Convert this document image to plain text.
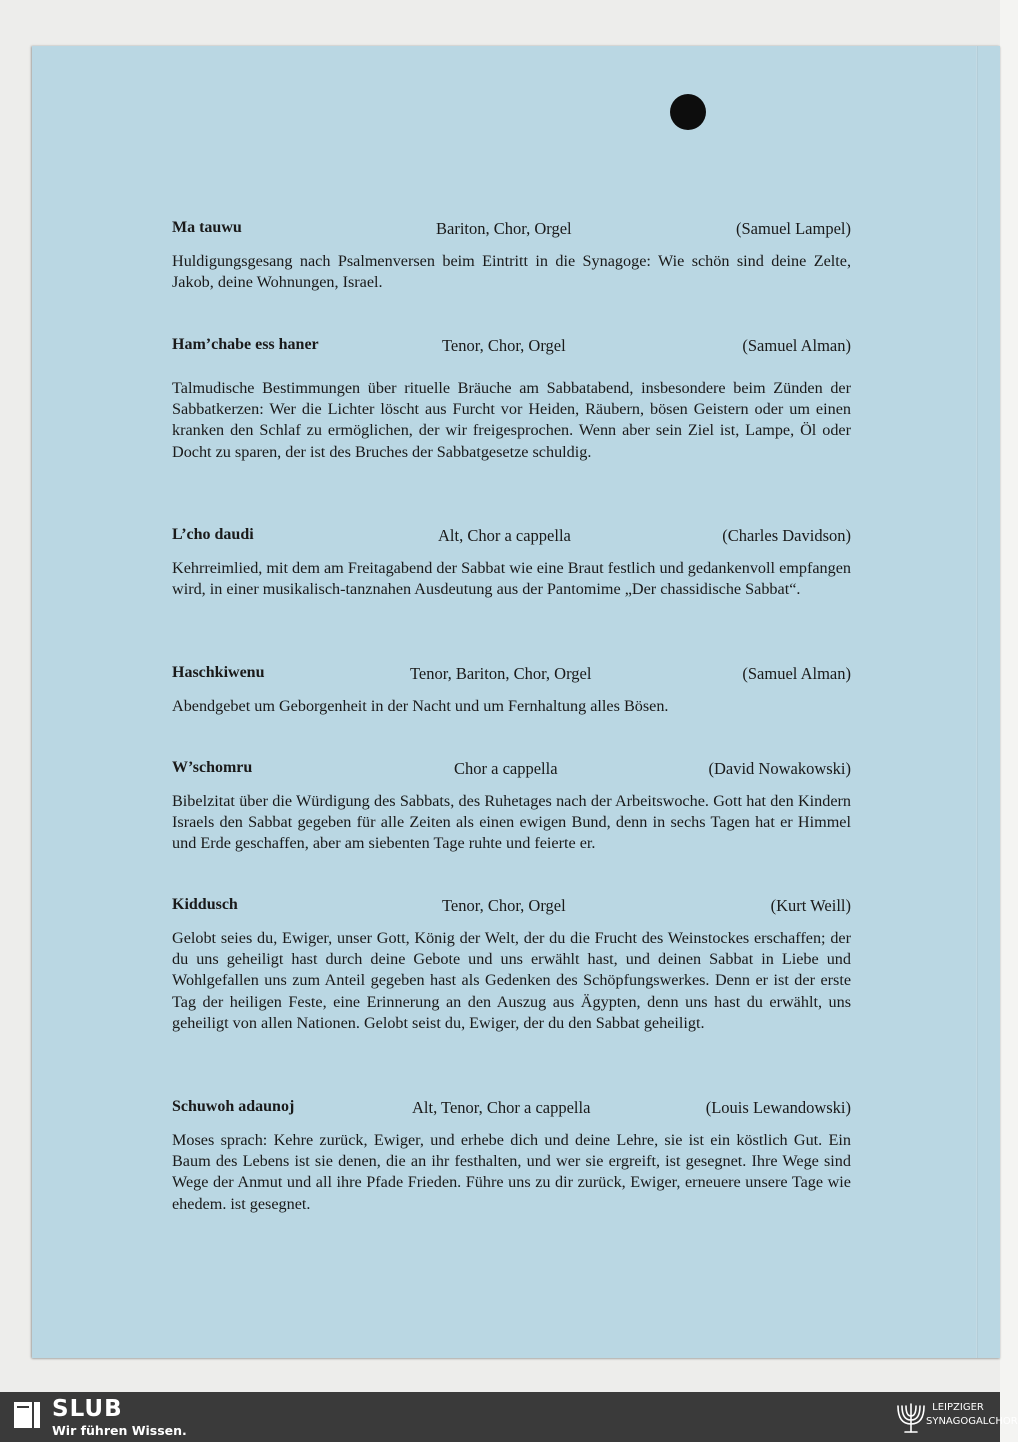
Ma tauwu	Bariton, Chor, Orgel	(Samuel Lampel)

Huldigungsgesang nach Psalmenversen beim Eintritt in die Synagoge: Wie schön sind deine Zelte, Jakob, deine Wohnungen, Israel.

Ham’chabe ess haner	Tenor, Chor, Orgel	(Samuel Alman)

Talmudische Bestimmungen über rituelle Bräuche am Sabbatabend, insbesondere beim Zünden der Sabbatkerzen: Wer die Lichter löscht aus Furcht vor Heiden, Räubern, bösen Geistern oder um einen kranken den Schlaf zu ermöglichen, der wir freigesprochen. Wenn aber sein Ziel ist, Lampe, Öl oder Docht zu sparen, der ist des Bruches der Sabbatgesetze schuldig.

L’cho daudi	Alt, Chor a cappella	(Charles Davidson)

Kehrreimlied, mit dem am Freitagabend der Sabbat wie eine Braut festlich und gedankenvoll empfangen wird, in einer musikalisch-tanznahen Ausdeutung aus der Pantomime „Der chassidische Sabbat“.

Haschkiwenu	Tenor, Bariton, Chor, Orgel	(Samuel Alman)

Abendgebet um Geborgenheit in der Nacht und um Fernhaltung alles Bösen.

W’schomru	Chor a cappella	(David Nowakowski)

Bibelzitat über die Würdigung des Sabbats, des Ruhetages nach der Arbeitswoche. Gott hat den Kindern Israels den Sabbat gegeben für alle Zeiten als einen ewigen Bund, denn in sechs Tagen hat er Himmel und Erde geschaffen, aber am siebenten Tage ruhte und feierte er.

Kiddusch	Tenor, Chor, Orgel	(Kurt Weill)

Gelobt seies du, Ewiger, unser Gott, König der Welt, der du die Frucht des Weinstockes erschaffen; der du uns geheiligt hast durch deine Gebote und uns erwählt hast, und deinen Sabbat in Liebe und Wohlgefallen uns zum Anteil gegeben hast als Gedenken des Schöpfungswerkes. Denn er ist der erste Tag der heiligen Feste, eine Erinnerung an den Auszug aus Ägypten, denn uns hast du erwählt, uns geheiligt von allen Nationen. Gelobt seist du, Ewiger, der du den Sabbat geheiligt.

Schuwoh adaunoj	Alt, Tenor, Chor a cappella	(Louis Lewandowski)

Moses sprach: Kehre zurück, Ewiger, und erhebe dich und deine Lehre, sie ist ein köstlich Gut. Ein Baum des Lebens ist sie denen, die an ihr festhalten, und wer sie ergreift, ist gesegnet. Ihre Wege sind Wege der Anmut und all ihre Pfade Frieden. Führe uns zu dir zurück, Ewiger, erneuere unsere Tage wie ehedem. ist gesegnet.

SLUB
Wir führen Wissen.
LEIPZIGER
SYNAGOGALCHOR
